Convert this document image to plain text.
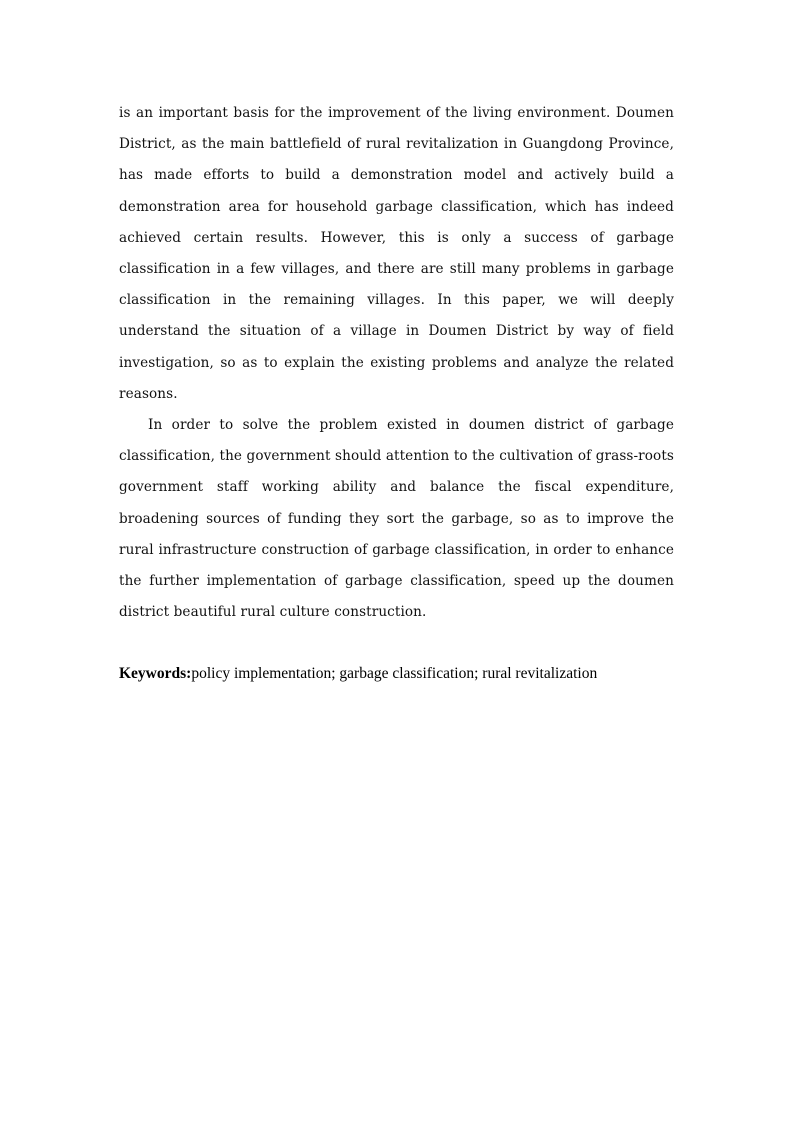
is an important basis for the improvement of the living environment. Doumen District, as the main battlefield of rural revitalization in Guangdong Province, has made efforts to build a demonstration model and actively build a demonstration area for household garbage classification, which has indeed achieved certain results. However, this is only a success of garbage classification in a few villages, and there are still many problems in garbage classification in the remaining villages. In this paper, we will deeply understand the situation of a village in Doumen District by way of field investigation, so as to explain the existing problems and analyze the related reasons.

In order to solve the problem existed in doumen district of garbage classification, the government should attention to the cultivation of grass-roots government staff working ability and balance the fiscal expenditure, broadening sources of funding they sort the garbage, so as to improve the rural infrastructure construction of garbage classification, in order to enhance the further implementation of garbage classification, speed up the doumen district beautiful rural culture construction.

Keywords:policy implementation; garbage classification; rural revitalization
